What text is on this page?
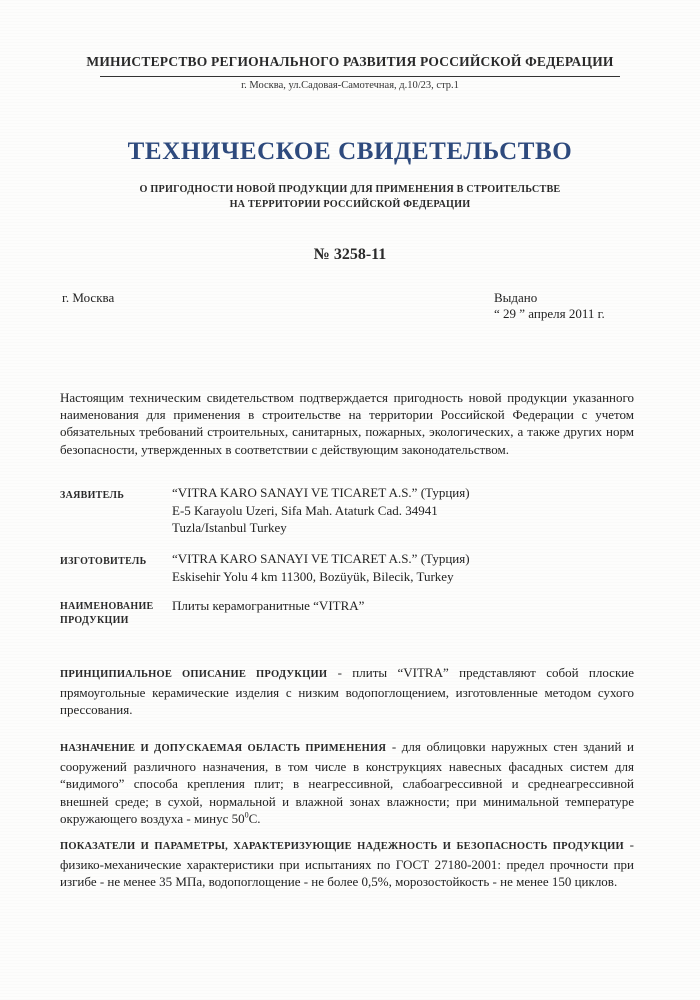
МИНИСТЕРСТВО РЕГИОНАЛЬНОГО РАЗВИТИЯ РОССИЙСКОЙ ФЕДЕРАЦИИ
г. Москва, ул.Садовая-Самотечная, д.10/23, стр.1
ТЕХНИЧЕСКОЕ СВИДЕТЕЛЬСТВО
О ПРИГОДНОСТИ НОВОЙ ПРОДУКЦИИ ДЛЯ ПРИМЕНЕНИЯ В СТРОИТЕЛЬСТВЕ
НА ТЕРРИТОРИИ РОССИЙСКОЙ ФЕДЕРАЦИИ
№ 3258-11
г. Москва	Выдано
“ 29 ” апреля 2011 г.
Настоящим техническим свидетельством подтверждается пригодность новой продукции указанного наименования для применения в строительстве на территории Российской Федерации с учетом обязательных требований строительных, санитарных, пожарных, экологических, а также других норм безопасности, утвержденных в соответствии с действующим законодательством.
ЗАЯВИТЕЛЬ	“VITRA KARO SANAYI VE TICARET A.S.” (Турция)
E-5 Karayolu Uzeri, Sifa Mah. Ataturk Cad. 34941
Tuzla/Istanbul Turkey
ИЗГОТОВИТЕЛЬ “VITRA KARO SANAYI VE TICARET A.S.” (Турция)
Eskisehir Yolu 4 km 11300, Bozüyük, Bilecik, Turkey
НАИМЕНОВАНИЕ
ПРОДУКЦИИ
Плиты керамогранитные “VITRA”
ПРИНЦИПИАЛЬНОЕ ОПИСАНИЕ ПРОДУКЦИИ - плиты “VITRA” представляют собой плоские прямоугольные керамические изделия с низким водопоглощением, изготовленные методом сухого прессования.
НАЗНАЧЕНИЕ И ДОПУСКАЕМАЯ ОБЛАСТЬ ПРИМЕНЕНИЯ - для облицовки наружных стен зданий и сооружений различного назначения, в том числе в конструкциях навесных фасадных систем для “видимого” способа крепления плит; в неагрессивной, слабоагрессивной и среднеагрессивной внешней среде; в сухой, нормальной и влажной зонах влажности; при минимальной температуре окружающего воздуха - минус $50^0С$.
ПОКАЗАТЕЛИ И ПАРАМЕТРЫ, ХАРАКТЕРИЗУЮЩИЕ НАДЕЖНОСТЬ И БЕЗОПАСНОСТЬ ПРОДУКЦИИ - физико-механические характеристики при испытаниях по ГОСТ 27180-2001: предел прочности при изгибе - не менее 35 МПа, водопоглощение - не более 0,5%, морозостойкость - не менее 150 циклов.
